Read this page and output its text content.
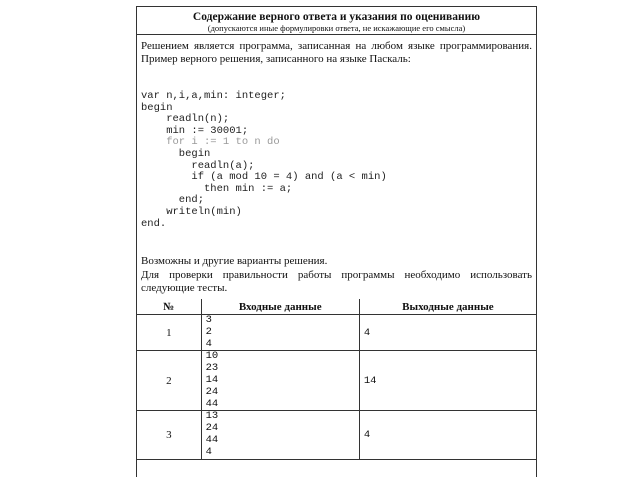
Содержание верного ответа и указания по оцениванию
(допускаются иные формулировки ответа, не искажающие его смысла)
Решением является программа, записанная на любом языке программирования. Пример верного решения, записанного на языке Паскаль:
var n,i,a,min: integer;
begin
readln(n);
min := 30001;
for i := 1 to n do
begin
readln(a);
if (a mod 10 = 4) and (a < min)
then min := a;
end;
writeln(min)
end.
Возможны и другие варианты решения.
Для проверки правильности работы программы необходимо использовать следующие тесты.
№	Входные данные	Выходные данные
1	3
2
4	4

2	10
23
14
24
44	14

3	13
24
44
4	4
